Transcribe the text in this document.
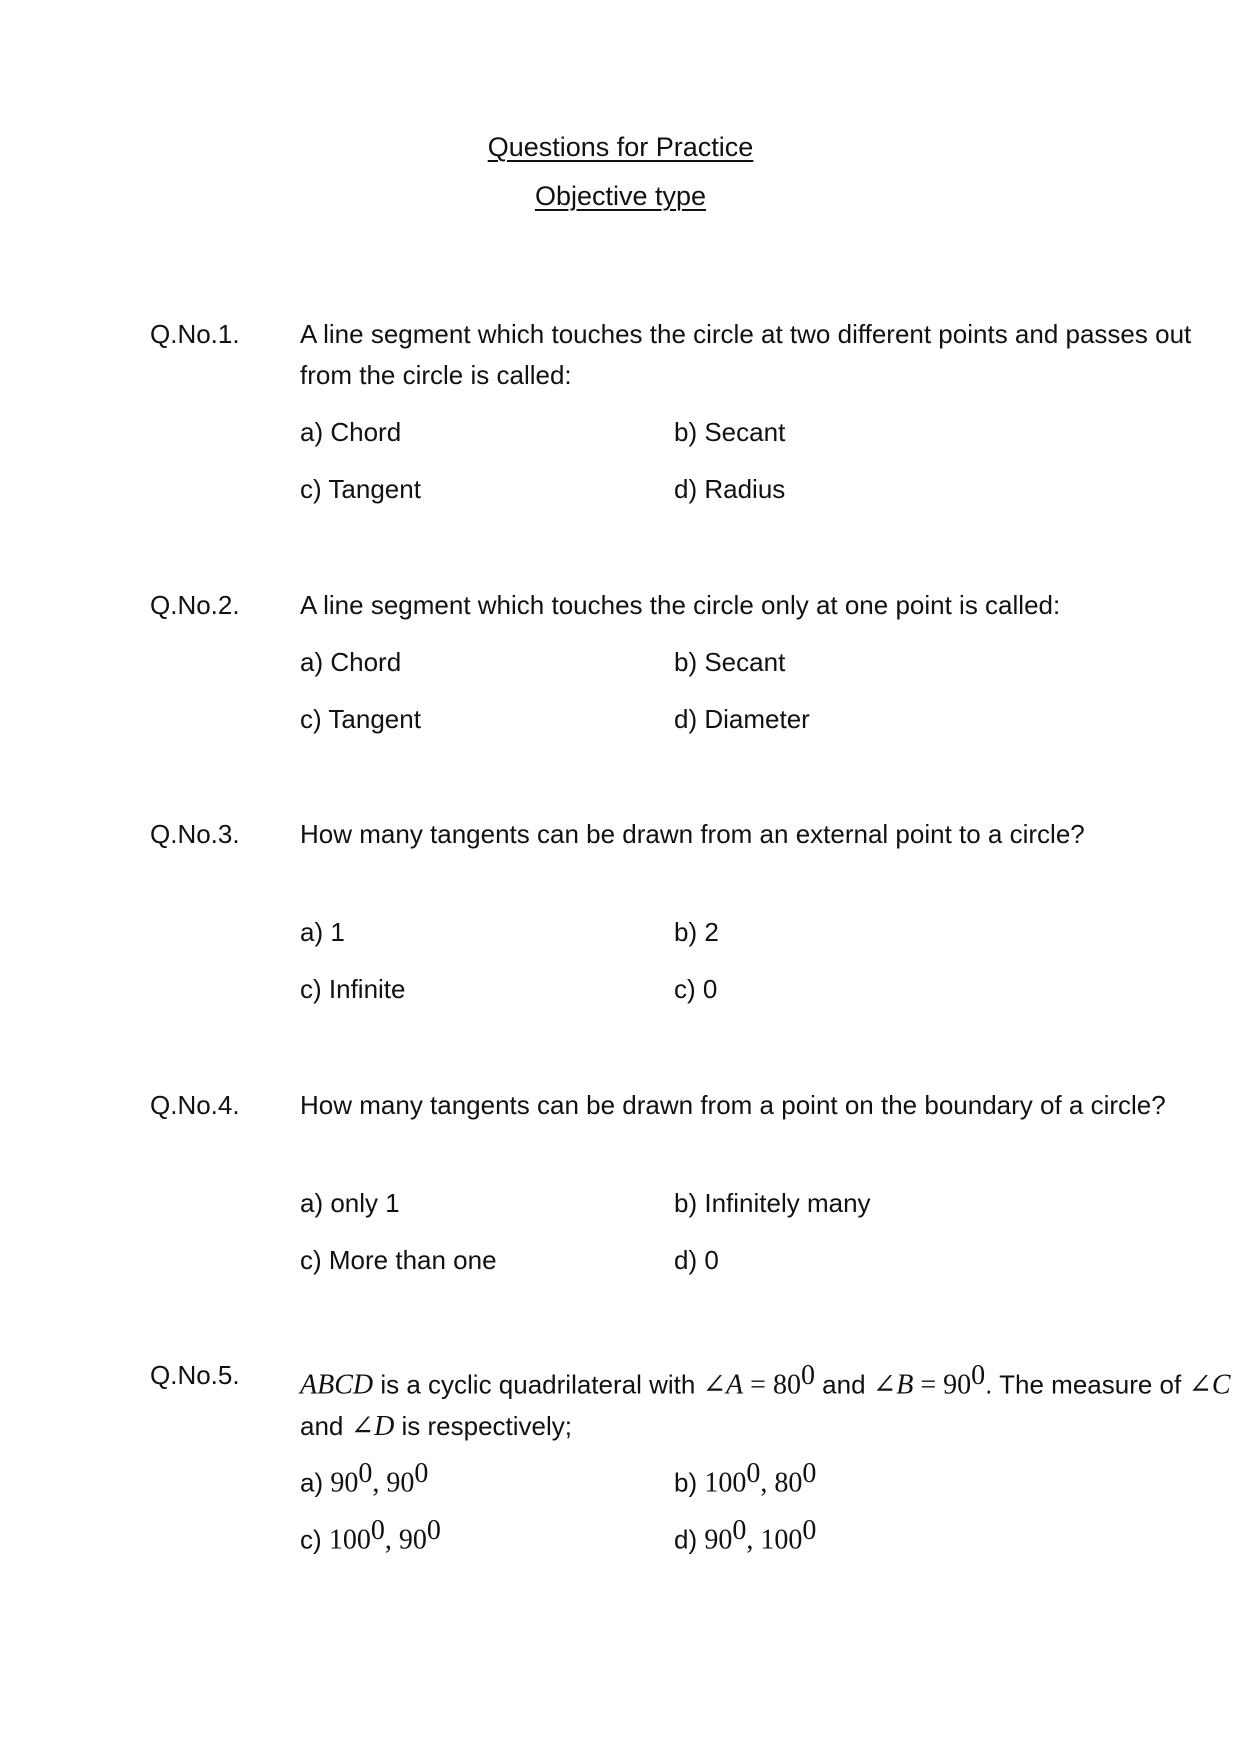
Questions for Practice
Objective type
Q.No.1. A line segment which touches the circle at two different points and passes out from the circle is called:

a) Chord	b) Secant
c) Tangent	d) Radius
Q.No.2. A line segment which touches the circle only at one point is called:

a) Chord	b) Secant
c) Tangent	d) Diameter
Q.No.3. How many tangents can be drawn from an external point to a circle?

a) 1	b) 2
c) Infinite	c) 0
Q.No.4. How many tangents can be drawn from a point on the boundary of a circle?

a) only 1	b) Infinitely many
c) More than one	d) 0
Q.No.5. ABCD is a cyclic quadrilateral with ∠A = $80^0$ and ∠B = $90^0$. The measure of ∠C and ∠D is respectively;

a) $90^0$, $90^0$	b) $100^0$, $80^0$
c) $100^0$, $90^0$	d) $90^0$, $100^0$
